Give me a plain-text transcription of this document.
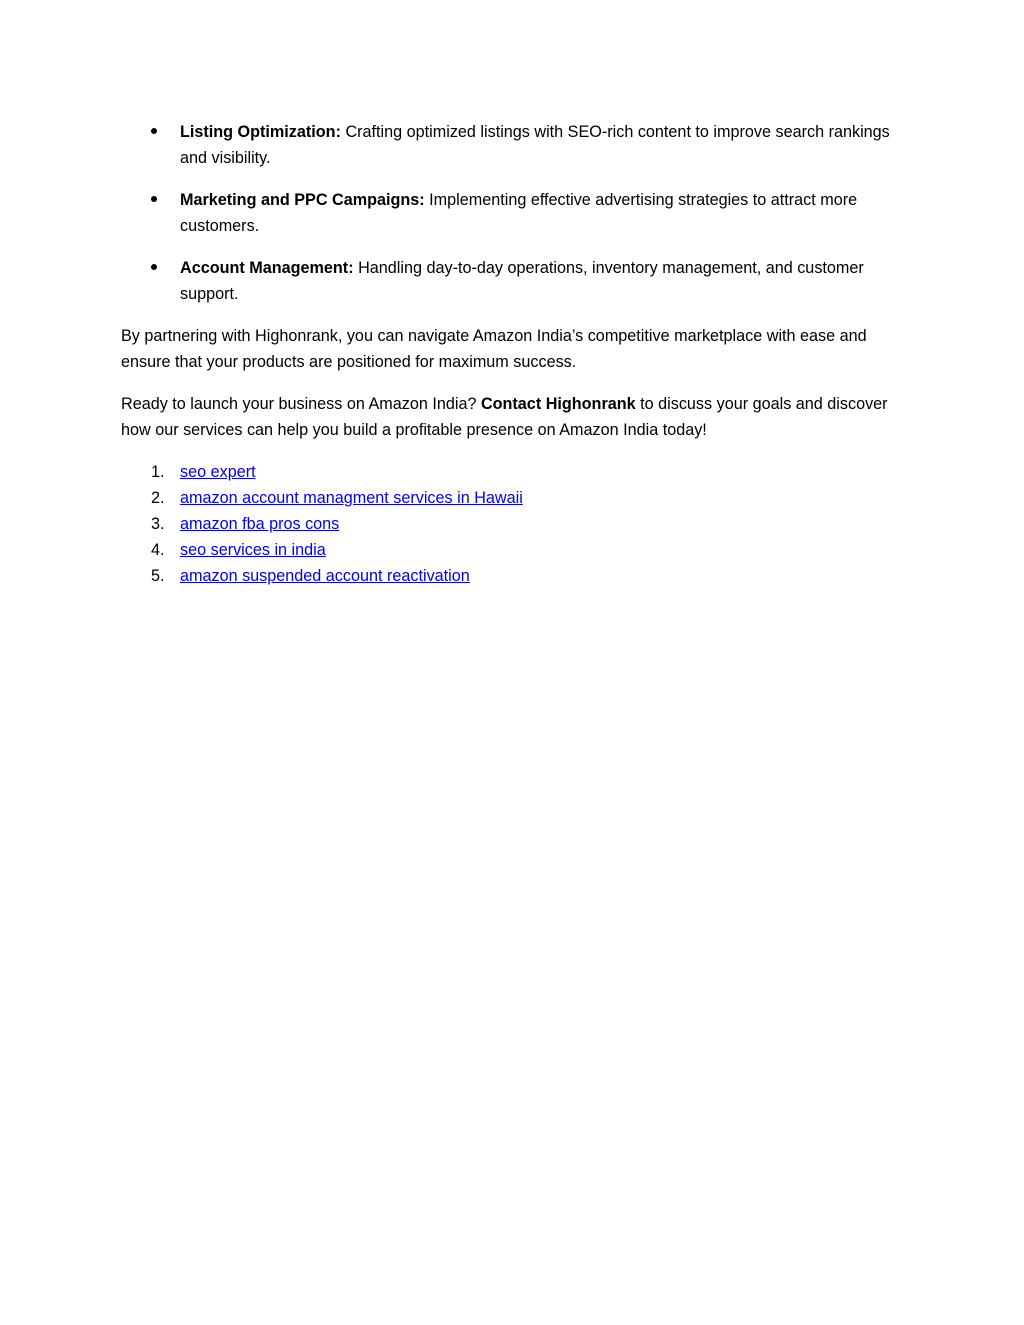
Listing Optimization: Crafting optimized listings with SEO-rich content to improve search rankings and visibility.
Marketing and PPC Campaigns: Implementing effective advertising strategies to attract more customers.
Account Management: Handling day-to-day operations, inventory management, and customer support.

By partnering with Highonrank, you can navigate Amazon India’s competitive marketplace with ease and ensure that your products are positioned for maximum success.

Ready to launch your business on Amazon India? Contact Highonrank to discuss your goals and discover how our services can help you build a profitable presence on Amazon India today!

1. seo expert
2. amazon account managment services in Hawaii
3. amazon fba pros cons
4. seo services in india
5. amazon suspended account reactivation
